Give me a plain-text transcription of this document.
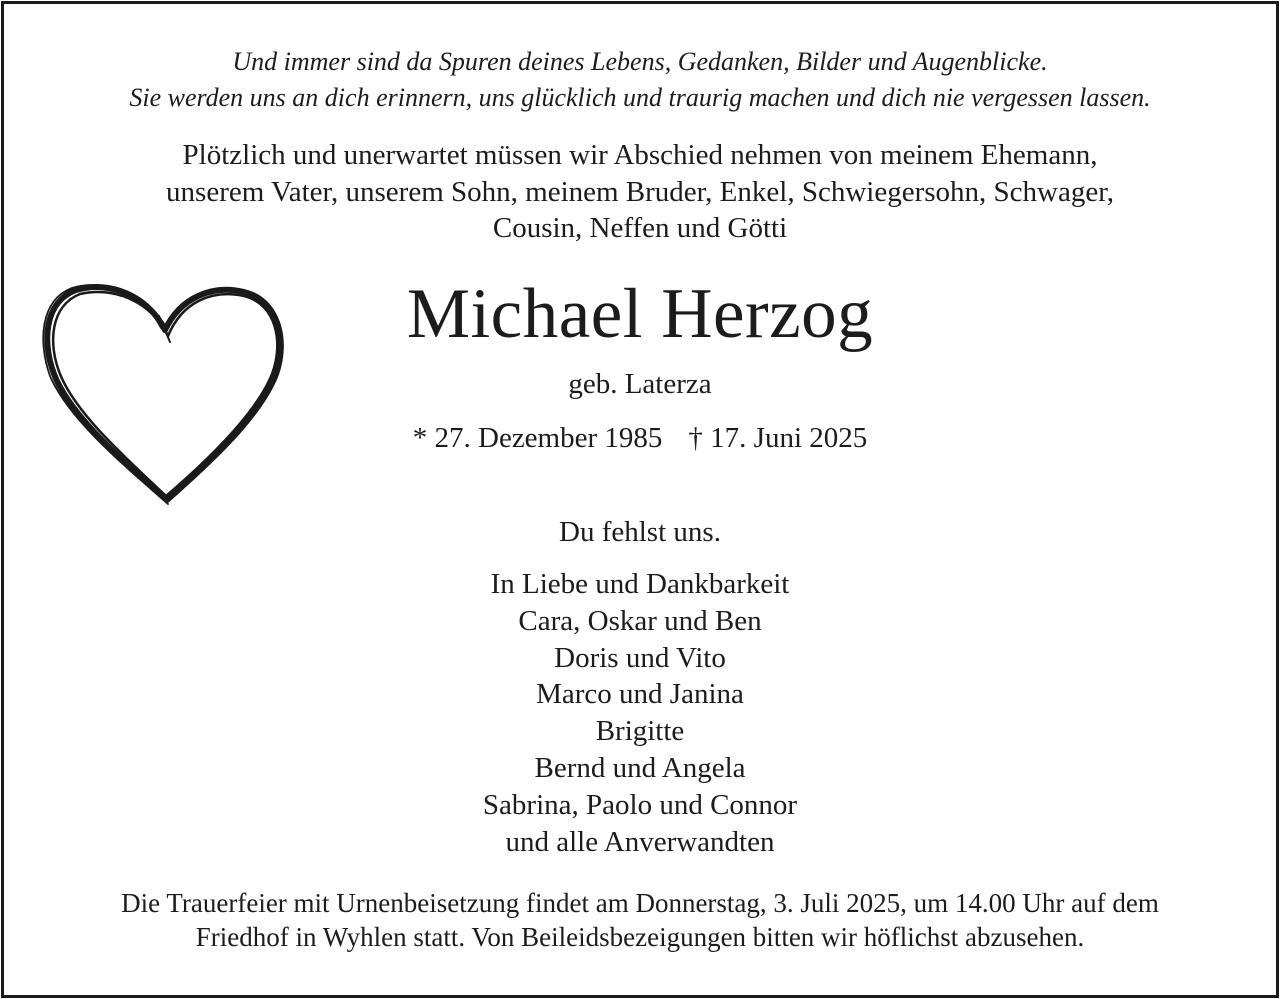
Und immer sind da Spuren deines Lebens, Gedanken, Bilder und Augenblicke.
Sie werden uns an dich erinnern, uns glücklich und traurig machen und dich nie vergessen lassen.
Plötzlich und unerwartet müssen wir Abschied nehmen von meinem Ehemann,
unserem Vater, unserem Sohn, meinem Bruder, Enkel, Schwiegersohn, Schwager,
Cousin, Neffen und Götti
Michael Herzog
geb. Laterza
* 27. Dezember 1985 † 17. Juni 2025
Du fehlst uns.
In Liebe und Dankbarkeit
Cara, Oskar und Ben
Doris und Vito
Marco und Janina
Brigitte
Bernd und Angela
Sabrina, Paolo und Connor
und alle Anverwandten
Die Trauerfeier mit Urnenbeisetzung findet am Donnerstag, 3. Juli 2025, um 14.00 Uhr auf dem
Friedhof in Wyhlen statt. Von Beileidsbezeigungen bitten wir höflichst abzusehen.
